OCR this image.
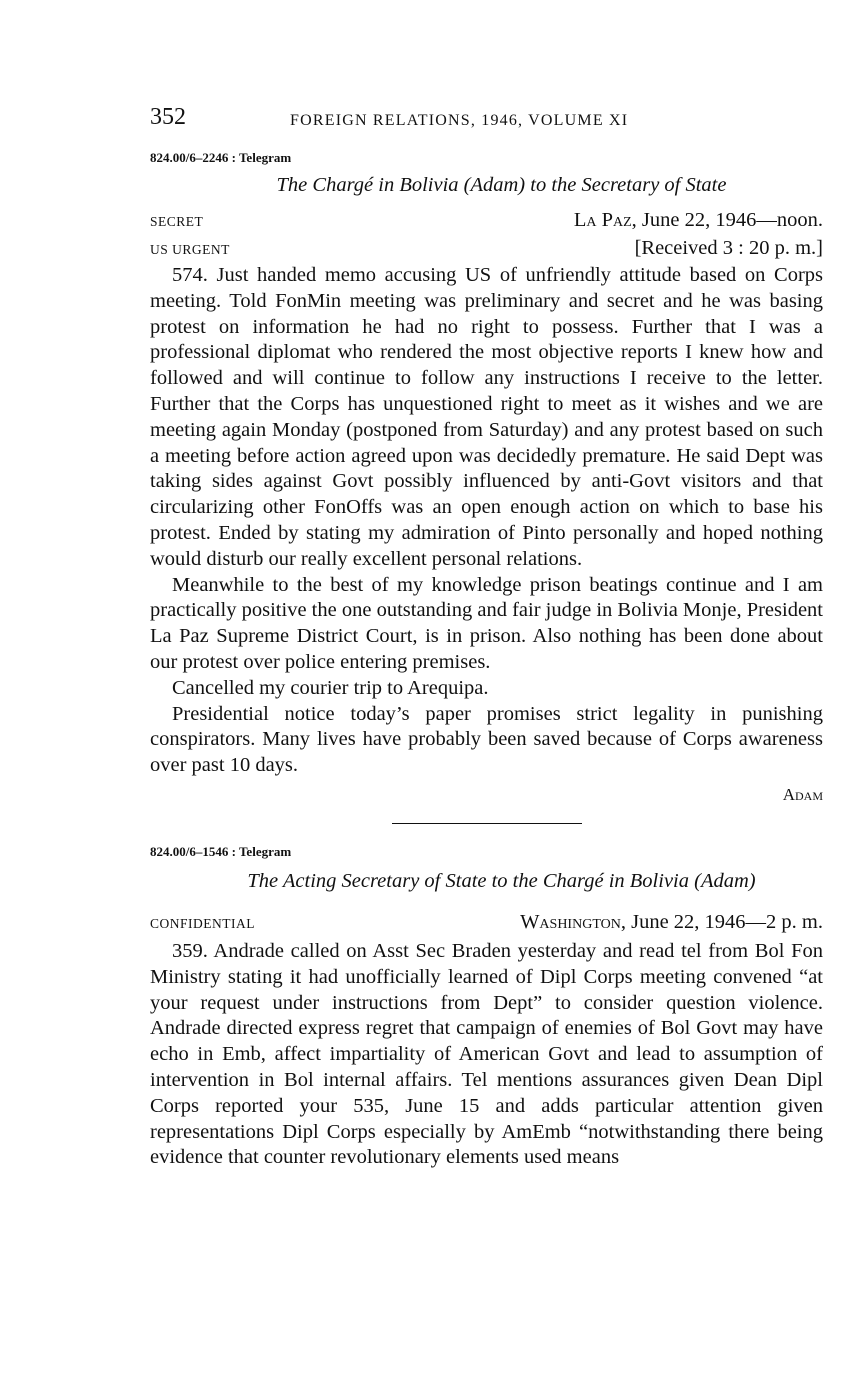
352	FOREIGN RELATIONS, 1946, VOLUME XI
824.00/6–2246 : Telegram
The Chargé in Bolivia (Adam) to the Secretary of State
SECRET	La Paz, June 22, 1946—noon.
US URGENT	[Received 3 : 20 p. m.]

574. Just handed memo accusing US of unfriendly attitude based on Corps meeting. Told FonMin meeting was preliminary and secret and he was basing protest on information he had no right to possess. Further that I was a professional diplomat who rendered the most objective reports I knew how and followed and will continue to follow any instructions I receive to the letter. Further that the Corps has unquestioned right to meet as it wishes and we are meeting again Monday (postponed from Saturday) and any protest based on such a meeting before action agreed upon was decidedly premature. He said Dept was taking sides against Govt possibly influenced by anti-Govt visitors and that circularizing other FonOffs was an open enough action on which to base his protest. Ended by stating my admiration of Pinto personally and hoped nothing would disturb our really excellent personal relations.

Meanwhile to the best of my knowledge prison beatings continue and I am practically positive the one outstanding and fair judge in Bolivia Monje, President La Paz Supreme District Court, is in prison. Also nothing has been done about our protest over police entering premises.

Cancelled my courier trip to Arequipa.

Presidential notice today’s paper promises strict legality in punishing conspirators. Many lives have probably been saved because of Corps awareness over past 10 days.

Adam
824.00/6–1546 : Telegram
The Acting Secretary of State to the Chargé in Bolivia (Adam)
CONFIDENTIAL	Washington, June 22, 1946—2 p. m.

359. Andrade called on Asst Sec Braden yesterday and read tel from Bol Fon Ministry stating it had unofficially learned of Dipl Corps meeting convened “at your request under instructions from Dept” to consider question violence. Andrade directed express regret that campaign of enemies of Bol Govt may have echo in Emb, affect impartiality of American Govt and lead to assumption of intervention in Bol internal affairs. Tel mentions assurances given Dean Dipl Corps reported your 535, June 15 and adds particular attention given representations Dipl Corps especially by AmEmb “notwithstanding there being evidence that counter revolutionary elements used means
